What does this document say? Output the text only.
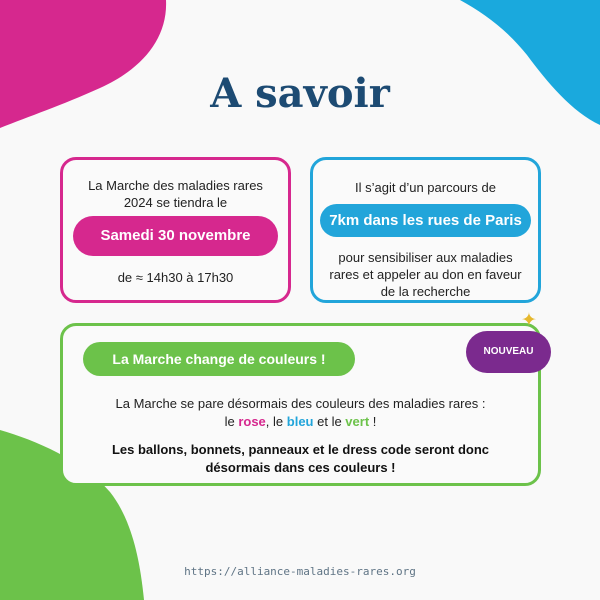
A savoir

La Marche des maladies rares

2024 se tiendra le

Samedi 30 novembre

de ≈ 14h30 à 17h30

Il s’agit d’un parcours de

7km dans les rues de Paris

pour sensibiliser aux maladies

rares et appeler au don en faveur

de la recherche

La Marche change de couleurs !

La Marche se pare désormais des couleurs des maladies rares :

le rose, le bleu et le vert !

Les ballons, bonnets, panneaux et le dress code seront donc

désormais dans ces couleurs !

NOUVEAU
✦

https://alliance-maladies-rares.org
